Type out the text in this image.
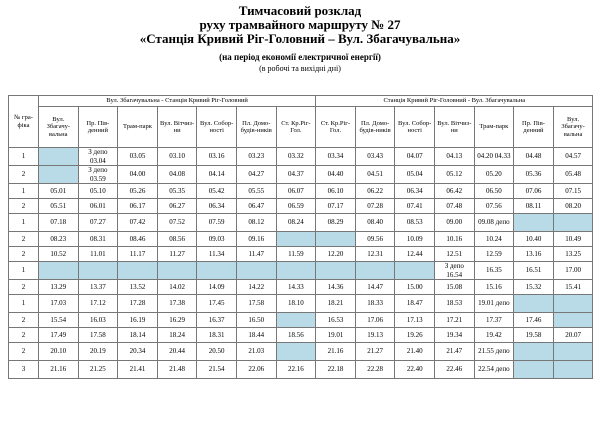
Тимчасовий розклад
руху трамвайного маршруту № 27
«Станція Кривий Ріг-Головний – Вул. Збагачувальна»
(на період економії електричної енергії)
(в робочі та вихідні дні)
№ гра-фіка	Вул. Збагачувальна - Станція Кривий Ріг-Головний							Станція Кривий Ріг-Головний - Вул. Збагачувальна						
	Вул. Збагачу-вальна	Пр. Пів-денний	Трам-парк	Вул. Вітчиз-ни	Вул. Собор-ності	Пл. Домо-будів-ників	Ст. Кр.Ріг-Гол.	Ст. Кр.Ріг-Гол.	Пл. Домо-будів-ників	Вул. Собор-ності	Вул. Вітчиз-ни	Трам-парк	Пр. Пів-денний	Вул. Збагачу-вальна
1		З депо 03.04	03.05	03.10	03.16	03.23	03.32	03.34	03.43	04.07	04.13	04.20 04.33	04.48	04.57
2		З депо 03.59	04.00	04.08	04.14	04.27	04.37	04.40	04.51	05.04	05.12	05.20	05.36	05.48
1	05.01	05.10	05.26	05.35	05.42	05.55	06.07	06.10	06.22	06.34	06.42	06.50	07.06	07.15
2	05.51	06.01	06.17	06.27	06.34	06.47	06.59	07.17	07.28	07.41	07.48	07.56	08.11	08.20
1	07.18	07.27	07.42	07.52	07.59	08.12	08.24	08.29	08.40	08.53	09.00	09.08 депо		
2	08.23	08.31	08.46	08.56	09.03	09.16			09.56	10.09	10.16	10.24	10.40	10.49
2	10.52	11.01	11.17	11.27	11.34	11.47	11.59	12.20	12.31	12.44	12.51	12.59	13.16	13.25
1											З депо 16.54	16.35	16.51	17.00
2	13.29	13.37	13.52	14.02	14.09	14.22	14.33	14.36	14.47	15.00	15.08	15.16	15.32	15.41
1	17.03	17.12	17.28	17.38	17.45	17.58	18.10	18.21	18.33	18.47	18.53	19.01 депо		
2	15.54	16.03	16.19	16.29	16.37	16.50		16.53	17.06	17.13	17.21	17.37	17.46	
2	17.49	17.58	18.14	18.24	18.31	18.44	18.56	19.01	19.13	19.26	19.34	19.42	19.58	20.07
2	20.10	20.19	20.34	20.44	20.50	21.03		21.16	21.27	21.40	21.47	21.55 депо		
3	21.16	21.25	21.41	21.48	21.54	22.06	22.16	22.18	22.28	22.40	22.46	22.54 депо		
